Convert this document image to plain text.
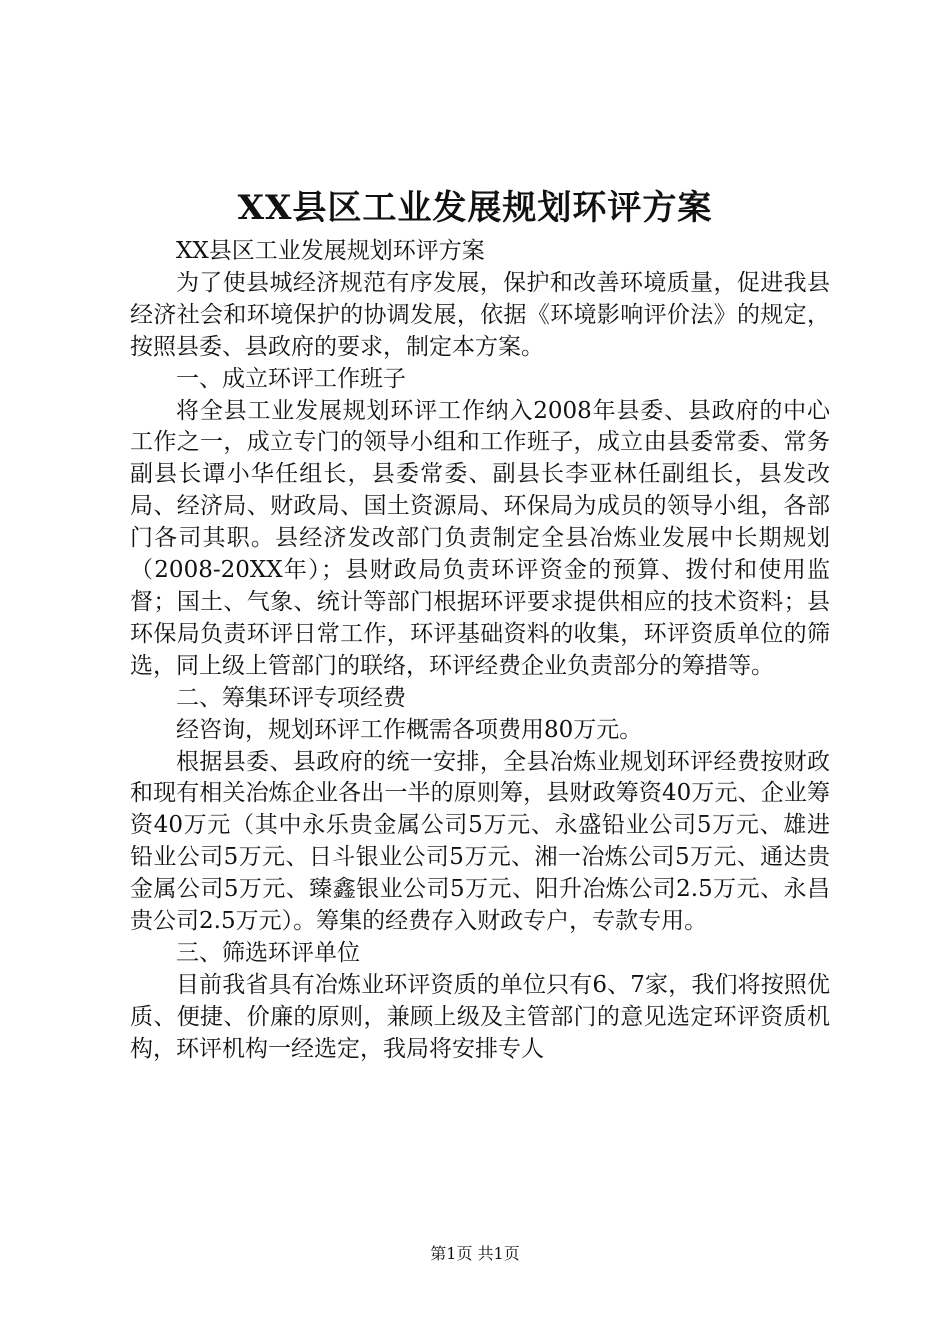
XX县区工业发展规划环评方案

XX县区工业发展规划环评方案

为了使县城经济规范有序发展，保护和改善环境质量，促进我县经济社会和环境保护的协调发展，依据《环境影响评价法》的规定，按照县委、县政府的要求，制定本方案。

一、成立环评工作班子

将全县工业发展规划环评工作纳入2008年县委、县政府的中心工作之一，成立专门的领导小组和工作班子，成立由县委常委、常务副县长谭小华任组长，县委常委、副县长李亚林任副组长，县发改局、经济局、财政局、国土资源局、环保局为成员的领导小组，各部门各司其职。县经济发改部门负责制定全县冶炼业发展中长期规划（2008-20XX年）；县财政局负责环评资金的预算、拨付和使用监督；国土、气象、统计等部门根据环评要求提供相应的技术资料；县环保局负责环评日常工作，环评基础资料的收集，环评资质单位的筛选，同上级上管部门的联络，环评经费企业负责部分的筹措等。

二、筹集环评专项经费

经咨询，规划环评工作概需各项费用80万元。

根据县委、县政府的统一安排，全县冶炼业规划环评经费按财政和现有相关冶炼企业各出一半的原则筹，县财政筹资40万元、企业筹资40万元（其中永乐贵金属公司5万元、永盛铅业公司5万元、雄进铅业公司5万元、日斗银业公司5万元、湘一冶炼公司5万元、通达贵金属公司5万元、臻鑫银业公司5万元、阳升冶炼公司2.5万元、永昌贵公司2.5万元）。筹集的经费存入财政专户，专款专用。

三、筛选环评单位

目前我省具有冶炼业环评资质的单位只有6、7家，我们将按照优质、便捷、价廉的原则，兼顾上级及主管部门的意见选定环评资质机构，环评机构一经选定，我局将安排专人

第1页 共1页
